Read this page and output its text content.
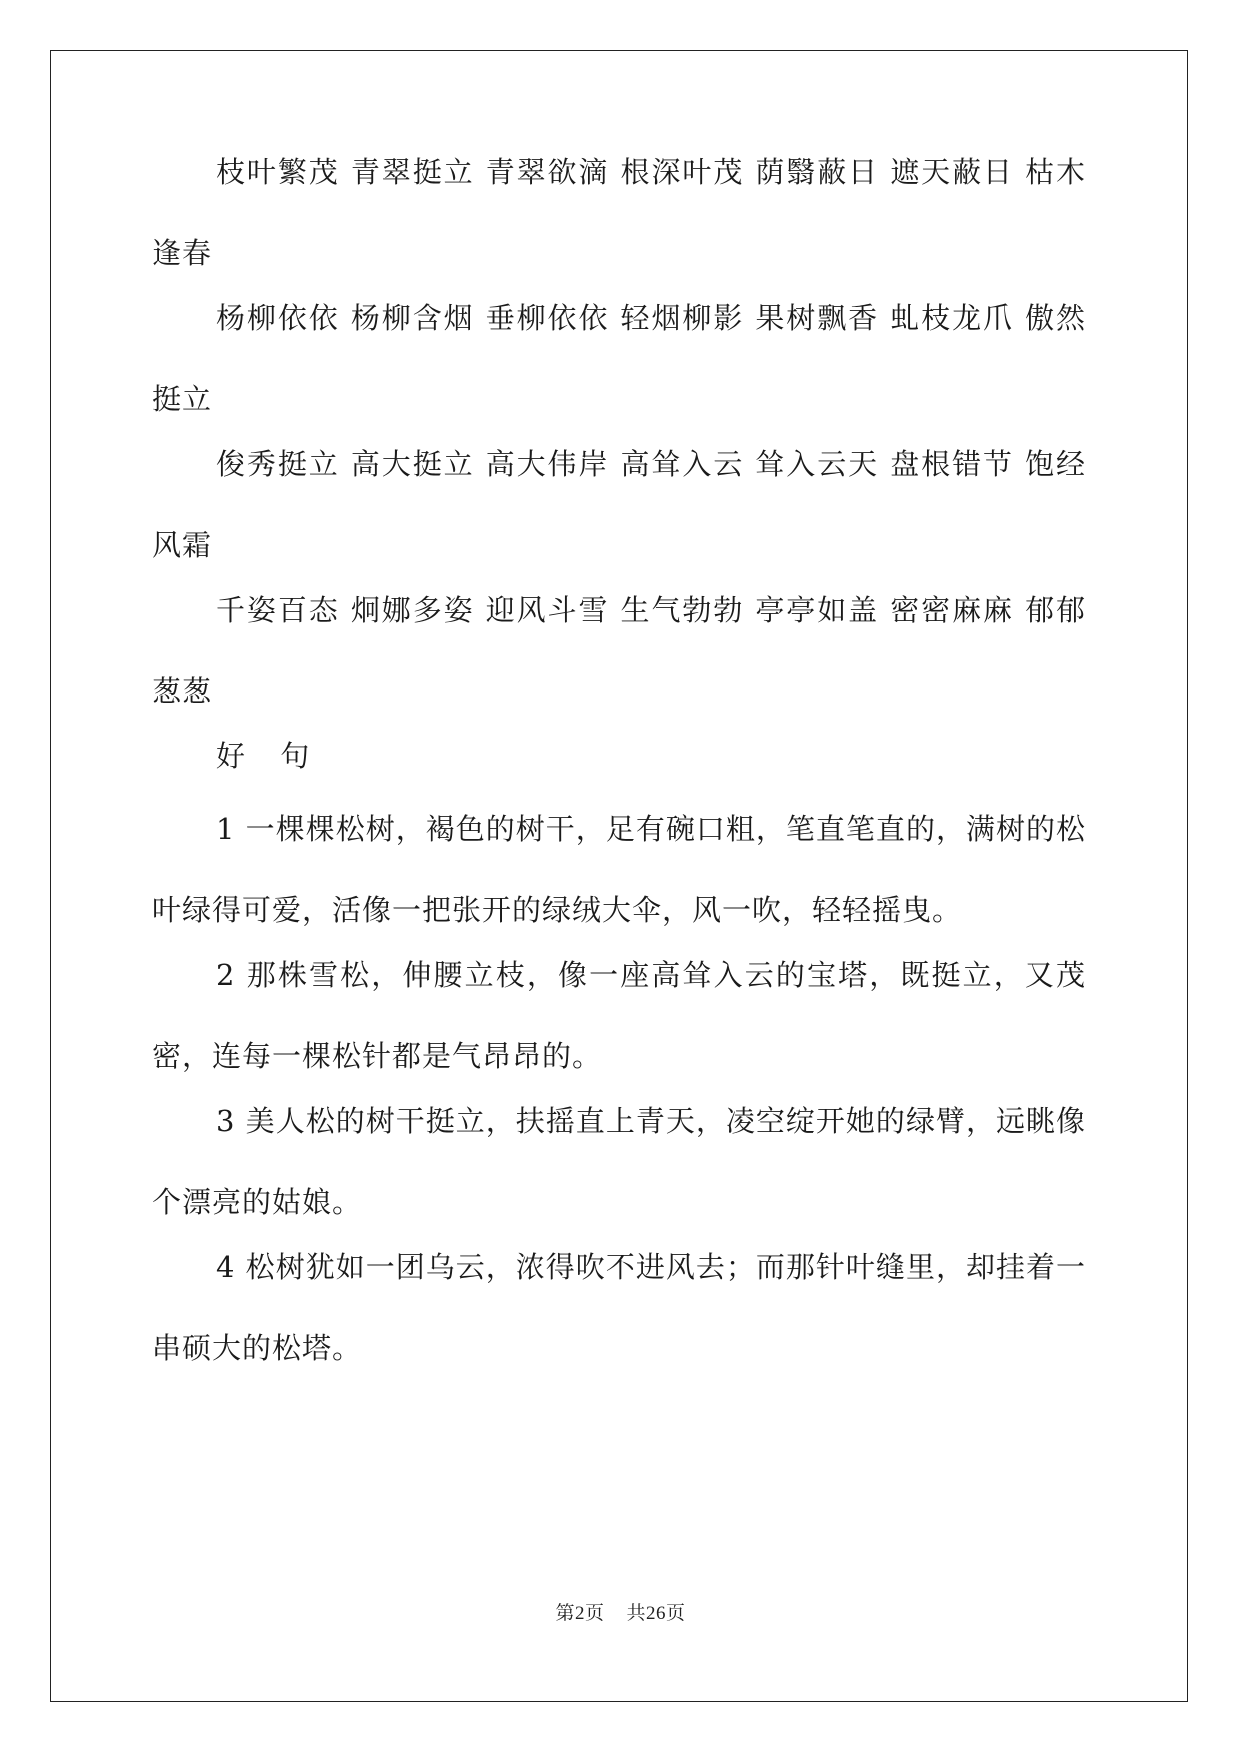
枝叶繁茂 青翠挺立 青翠欲滴 根深叶茂 荫翳蔽日 遮天蔽日 枯木逢春

杨柳依依 杨柳含烟 垂柳依依 轻烟柳影 果树飘香 虬枝龙爪 傲然挺立

俊秀挺立 高大挺立 高大伟岸 高耸入云 耸入云天 盘根错节 饱经风霜

千姿百态 炯娜多姿 迎风斗雪 生气勃勃 亭亭如盖 密密麻麻 郁郁葱葱

好 句

1 一棵棵松树，褐色的树干，足有碗口粗，笔直笔直的，满树的松叶绿得可爱，活像一把张开的绿绒大伞，风一吹，轻轻摇曳。

2 那株雪松，伸腰立枝，像一座高耸入云的宝塔，既挺立，又茂密，连每一棵松针都是气昂昂的。

3 美人松的树干挺立，扶摇直上青天，凌空绽开她的绿臂，远眺像个漂亮的姑娘。

4 松树犹如一团乌云，浓得吹不进风去；而那针叶缝里，却挂着一串硕大的松塔。

第2页 共26页
